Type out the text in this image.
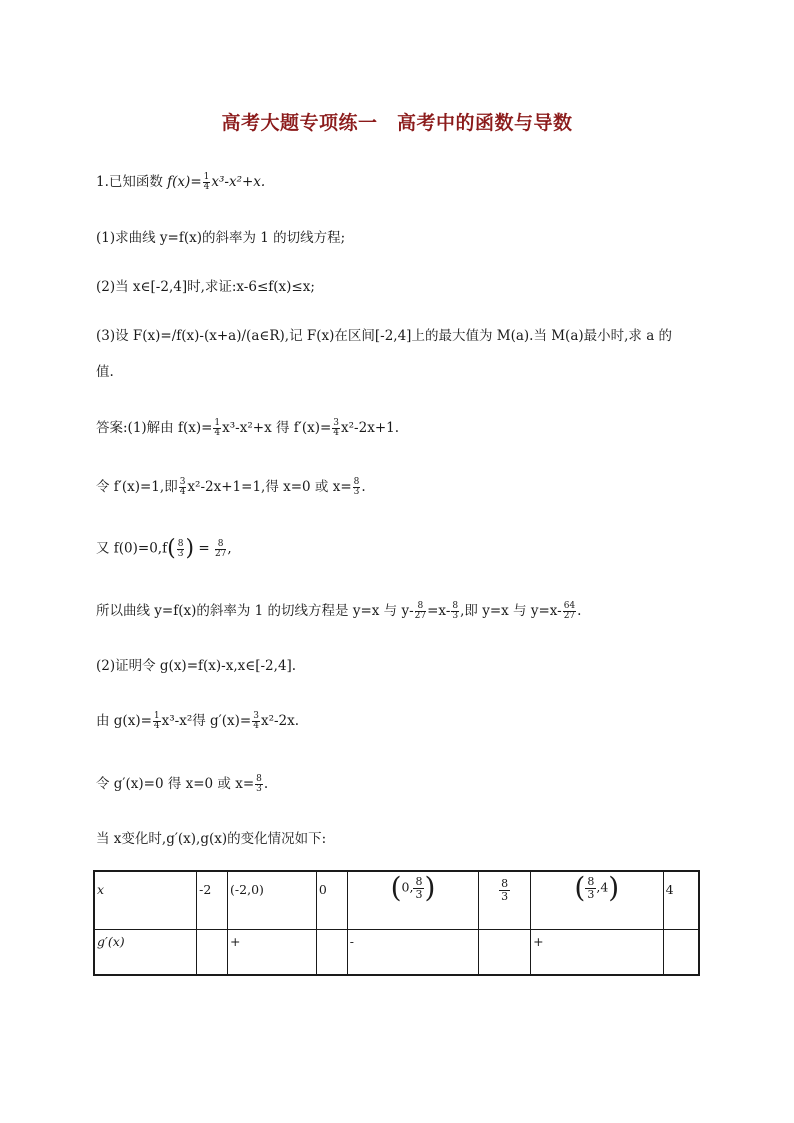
高考大题专项练一　高考中的函数与导数
1.已知函数 $f(x)= \frac{1}{4} x^3-x^2+x$.
(1)求曲线 y=f(x)的斜率为 1 的切线方程;
(2)当 x∈[-2,4]时,求证:x-6≤f(x)≤x;
(3)设 F(x)=/f(x)-(x+a)/(a∈R),记 F(x)在区间[-2,4]上的最大值为 M(a).当 M(a)最小时,求 a 的
值.
答案:(1)解由 $f(x)= \frac{1}{4} x^3-x^2+x$ 得 $f'(x)= \frac{3}{4} x^2-2x+1$.
令 f′(x)=1,即 $\frac{3}{4} x^2-2x+1=1$,得 x=0 或 $x= \frac{8}{3}$ .
又 $f(0)=0,f( \frac{8}{3}$ ) = $\frac{8}{27}$ ,
所以曲线 y=f(x)的斜率为 1 的切线方程是 y=x 与 $y- \frac{8}{27} =x- \frac{8}{3}$ ,即 y=x 与 $y=x- \frac{64}{27}$ .
(2)证明令 g(x)=f(x)-x,x∈[-2,4].
由 $g(x)= \frac{1}{4} x^3-x^2$得 $g'(x)= \frac{3}{4} x^2-2x$.
令 g′(x)=0 得 x=0 或 $x= \frac{8}{3}$ .
当 x变化时,g′(x),g(x)的变化情况如下:
x	-2	(-2,0)	0	(0, $\frac{8}{3}$ )	$\frac{8}{3}$	( $\frac{8}{3} ,4$)	4
g′(x)		+		-		+	
